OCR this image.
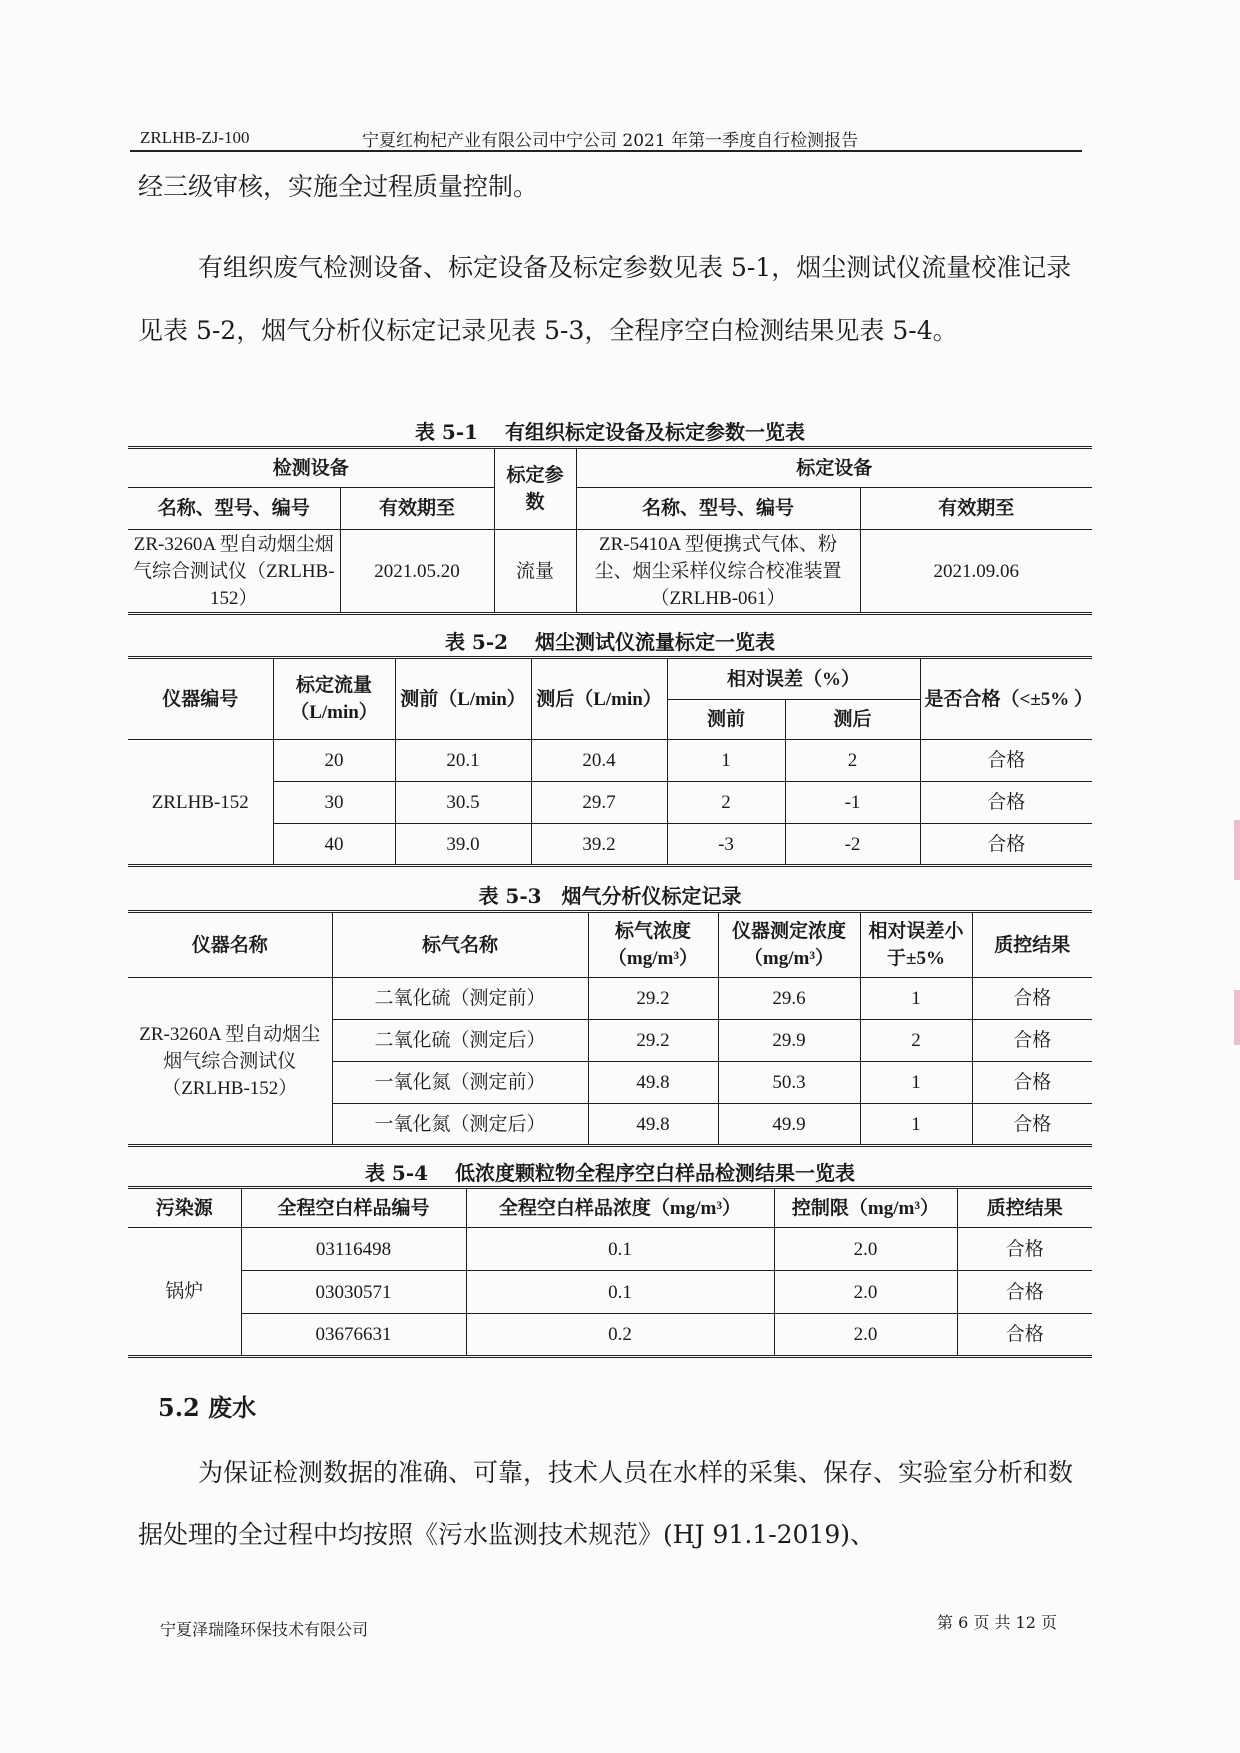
ZRLHB-ZJ-100	宁夏红枸杞产业有限公司中宁公司 2021 年第一季度自行检测报告
经三级审核，实施全过程质量控制。
有组织废气检测设备、标定设备及标定参数见表 5-1，烟尘测试仪流量校准记录见表 5-2，烟气分析仪标定记录见表 5-3，全程序空白检测结果见表 5-4。
表 5-1　 有组织标定设备及标定参数一览表
检测设备		标定参数	标定设备	
名称、型号、编号	有效期至		名称、型号、编号	有效期至
ZR-3260A 型自动烟尘烟气综合测试仪（ZRLHB-152）	2021.05.20	流量	ZR-5410A 型便携式气体、粉尘、烟尘采样仪综合校准装置（ZRLHB-061）	2021.09.06
表 5-2　 烟尘测试仪流量标定一览表
仪器编号	标定流量（L/min）	测前（L/min）	测后（L/min）	相对误差（%）		是否合格（<±5% ）
				测前	测后	
ZRLHB-152	20	20.1	20.4	1	2	合格
	30	30.5	29.7	2	-1	合格
	40	39.0	39.2	-3	-2	合格
表 5-3　烟气分析仪标定记录
仪器名称	标气名称	标气浓度（mg/m³）	仪器测定浓度（mg/m³）	相对误差小于±5%	质控结果
ZR-3260A 型自动烟尘烟气综合测试仪（ZRLHB-152）	二氧化硫（测定前）	29.2	29.6	1	合格
	二氧化硫（测定后）	29.2	29.9	2	合格
	一氧化氮（测定前）	49.8	50.3	1	合格
	一氧化氮（测定后）	49.8	49.9	1	合格
表 5-4　 低浓度颗粒物全程序空白样品检测结果一览表
污染源	全程空白样品编号	全程空白样品浓度（mg/m³）	控制限（mg/m³）	质控结果
锅炉	03116498	0.1	2.0	合格
	03030571	0.1	2.0	合格
	03676631	0.2	2.0	合格
5.2 废水
为保证检测数据的准确、可靠，技术人员在水样的采集、保存、实验室分析和数据处理的全过程中均按照《污水监测技术规范》(HJ 91.1-2019)、
宁夏泽瑞隆环保技术有限公司	第 6 页 共 12 页
